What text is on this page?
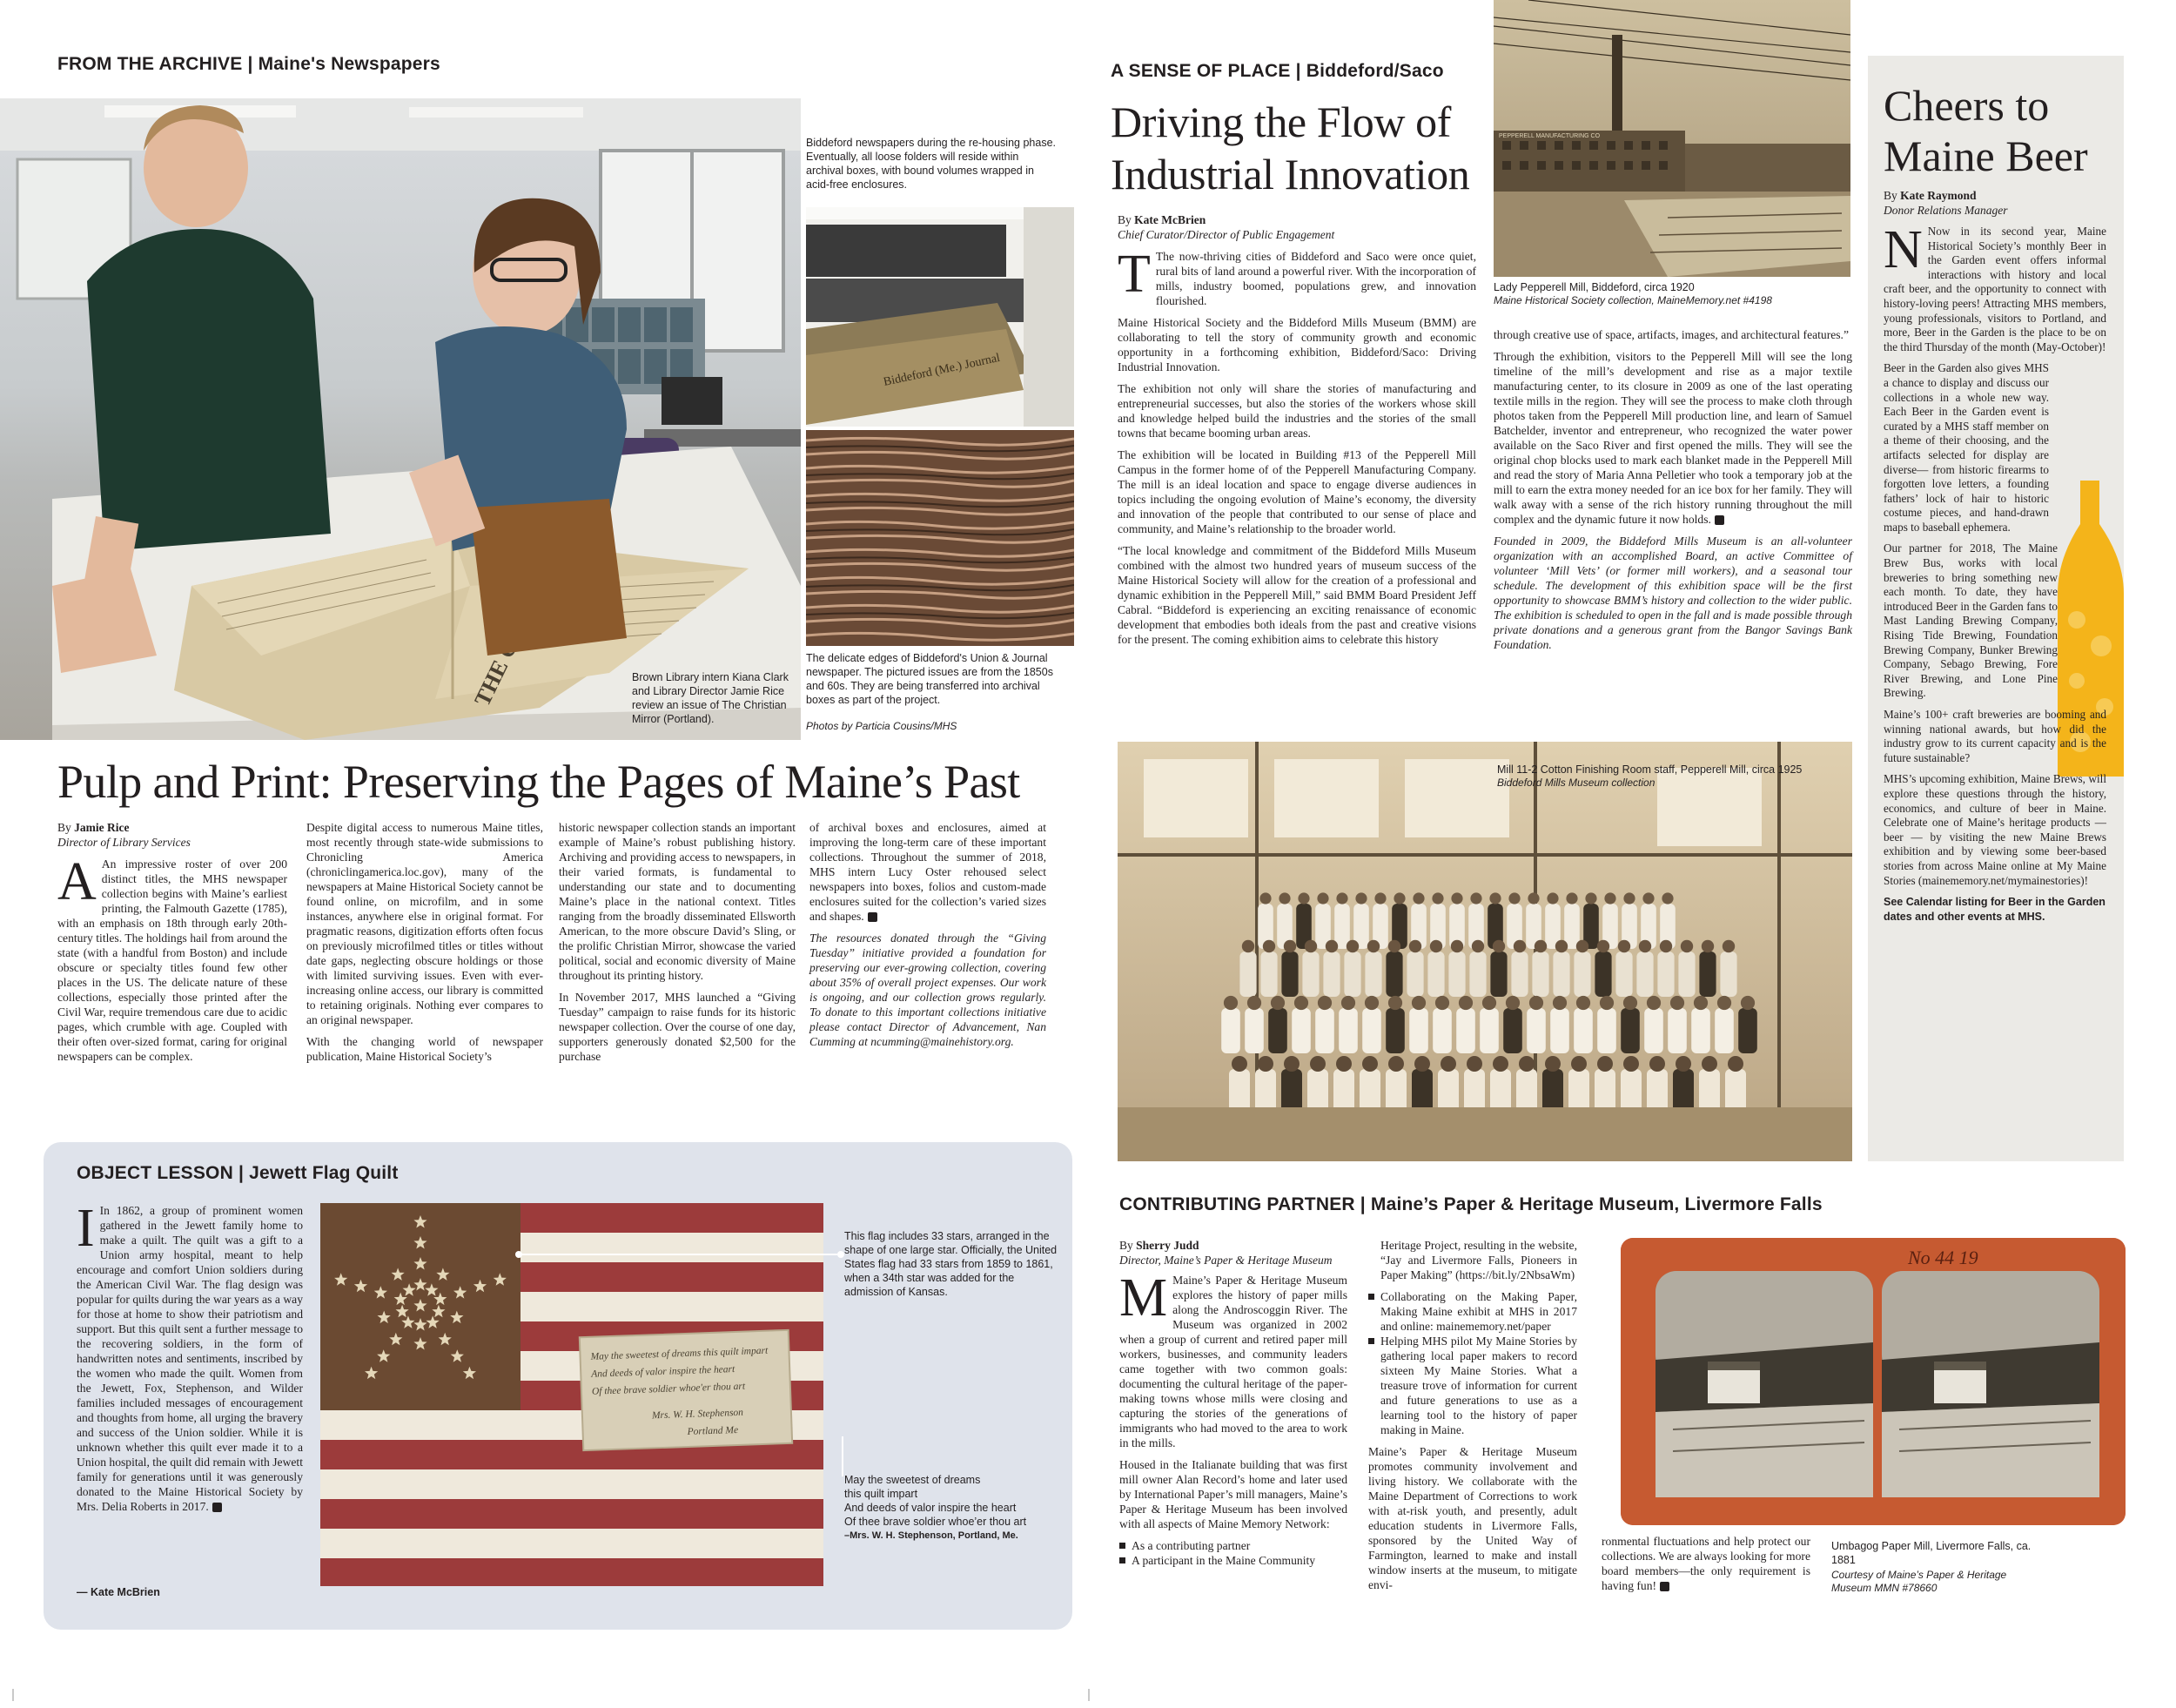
FROM THE ARCHIVE | Maine's Newspapers
Brown Library intern Kiana Clark and Library Director Jamie Rice review an issue of The Christian Mirror (Portland).
Biddeford newspapers during the re-housing phase. Eventually, all loose folders will reside within archival boxes, with bound volumes wrapped in acid-free enclosures.
Biddeford (Me.) Journal
The delicate edges of Biddeford's Union & Journal newspaper. The pictured issues are from the 1850s and 60s. They are being transferred into archival boxes as part of the project.
Photos by Particia Cousins/MHS
Pulp and Print: Preserving the Pages of Maine’s Past
By Jamie Rice
Director of Library Services

A An impressive roster of over 200 distinct titles, the MHS newspaper collection begins with Maine’s earliest printing, the Falmouth Gazette (1785), with an emphasis on 18th through early 20th-century titles. The holdings hail from around the state (with a handful from Boston) and include obscure or specialty titles found few other places in the US. The delicate nature of these collections, especially those printed after the Civil War, require tremendous care due to acidic pages, which crumble with age. Coupled with their often over-sized format, caring for original newspapers can be complex.

Despite digital access to numerous Maine titles, most recently through state-wide submissions to Chronicling America (chroniclingamerica.loc.gov), many of the newspapers at Maine Historical Society cannot be found online, on microfilm, and in some instances, anywhere else in original format. For pragmatic reasons, digitization efforts often focus on previously microfilmed titles or titles without date gaps, neglecting obscure holdings or those with limited surviving issues. Even with ever-increasing online access, our library is committed to retaining originals. Nothing ever compares to an original newspaper.

With the changing world of newspaper publication, Maine Historical Society’s

historic newspaper collection stands an important example of Maine’s robust publishing history. Archiving and providing access to newspapers, in their varied formats, is fundamental to understanding our state and to documenting Maine’s place in the national context. Titles ranging from the broadly disseminated Ellsworth American, to the more obscure David’s Sling, or the prolific Christian Mirror, showcase the varied political, social and economic diversity of Maine throughout its printing history.

In November 2017, MHS launched a “Giving Tuesday” campaign to raise funds for its historic newspaper collection. Over the course of one day, supporters generously donated $2,500 for the purchase

of archival boxes and enclosures, aimed at improving the long-term care of these important collections. Throughout the summer of 2018, MHS intern Lucy Oster rehoused select newspapers into boxes, folios and custom-made enclosures suited for the collection’s varied sizes and shapes.

The resources donated through the “Giving Tuesday” initiative provided a foundation for preserving our ever-growing collection, covering about 35% of overall project expenses. Our work is ongoing, and our collection grows regularly. To donate to this important collections initiative please contact Director of Advancement, Nan Cumming at ncumming@mainehistory.org.

OBJECT LESSON | Jewett Flag Quilt

I In 1862, a group of prominent women gathered in the Jewett family home to make a quilt. The quilt was a gift to a Union army hospital, meant to help encourage and comfort Union soldiers during the American Civil War. The flag design was popular for quilts during the war years as a way for those at home to show their patriotism and support. But this quilt sent a further message to the recovering soldiers, in the form of handwritten notes and sentiments, inscribed by the women who made the quilt. Women from the Jewett, Fox, Stephenson, and Wilder families included messages of encouragement and thoughts from home, all urging the bravery and success of the Union soldier. While it is unknown whether this quilt ever made it to a Union hospital, the quilt did remain with Jewett family for generations until it was generously donated to the Maine Historical Society by Mrs. Delia Roberts in 2017.

— Kate McBrien
May the sweetest of dreams this quilt impart
And deeds of valor inspire the heart
Of thee brave soldier whoe'er thou art
Mrs. W. H. Stephenson
Portland Me
This flag includes 33 stars, arranged in the shape of one large star. Officially, the United States flag had 33 stars from 1859 to 1861, when a 34th star was added for the admission of Kansas.
May the sweetest of dreams
this quilt impart
And deeds of valor inspire the heart
Of thee brave soldier whoe’er thou art
–Mrs. W. H. Stephenson, Portland, Me.
A SENSE OF PLACE | Biddeford/Saco
Driving the Flow of Industrial Innovation
PEPPERELL MANUFACTURING CO
Lady Pepperell Mill, Biddeford, circa 1920
Maine Historical Society collection, MaineMemory.net #4198
By Kate McBrien
Chief Curator/Director of Public Engagement

T The now-thriving cities of Biddeford and Saco were once quiet, rural bits of land around a powerful river. With the incorporation of mills, industry boomed, populations grew, and innovation flourished.

Maine Historical Society and the Biddeford Mills Museum (BMM) are collaborating to tell the story of community growth and economic opportunity in a forthcoming exhibition, Biddeford/Saco: Driving Industrial Innovation.

The exhibition not only will share the stories of manufacturing and entrepreneurial successes, but also the stories of the workers whose skill and knowledge helped build the industries and the stories of the small towns that became booming urban areas.

The exhibition will be located in Building #13 of the Pepperell Mill Campus in the former home of of the Pepperell Manufacturing Company. The mill is an ideal location and space to engage diverse audiences in topics including the ongoing evolution of Maine’s economy, the diversity and innovation of the people that contributed to our sense of place and community, and Maine’s relationship to the broader world.

“The local knowledge and commitment of the Biddeford Mills Museum combined with the almost two hundred years of museum success of the Maine Historical Society will allow for the creation of a professional and dynamic exhibition in the Pepperell Mill,” said BMM Board President Jeff Cabral. “Biddeford is experiencing an exciting renaissance of economic development that embodies both ideals from the past and creative visions for the present. The coming exhibition aims to celebrate this history

through creative use of space, artifacts, images, and architectural features.”

Through the exhibition, visitors to the Pepperell Mill will see the long timeline of the mill’s development and rise as a major textile manufacturing center, to its closure in 2009 as one of the last operating textile mills in the region. They will see the process to make cloth through photos taken from the Pepperell Mill production line, and learn of Samuel Batchelder, inventor and entrepreneur, who recognized the water power available on the Saco River and first opened the mills. They will see the original chop blocks used to mark each blanket made in the Pepperell Mill and read the story of Maria Anna Pelletier who took a temporary job at the mill to earn the extra money needed for an ice box for her family. They will walk away with a sense of the rich history running throughout the mill complex and the dynamic future it now holds.

Founded in 2009, the Biddeford Mills Museum is an all-volunteer organization with an accomplished Board, an active Committee of volunteer ‘Mill Vets’ (or former mill workers), and a seasonal tour schedule. The development of this exhibition space will be the first opportunity to showcase BMM’s history and collection to the wider public. The exhibition is scheduled to open in the fall and is made possible through private donations and a generous grant from the Bangor Savings Bank Foundation.

Mill 11-2 Cotton Finishing Room staff, Pepperell Mill, circa 1925
Biddeford Mills Museum collection
Cheers to Maine Beer
By Kate Raymond
Donor Relations Manager

N Now in its second year, Maine Historical Society’s monthly Beer in the Garden event offers informal interactions with history and local craft beer, and the opportunity to connect with history-loving peers! Attracting MHS members, young professionals, visitors to Portland, and more, Beer in the Garden is the place to be on the third Thursday of the month (May-October)!

Beer in the Garden also gives MHS a chance to display and discuss our collections in a whole new way. Each Beer in the Garden event is curated by a MHS staff member on a theme of their choosing, and the artifacts selected for display are diverse— from historic firearms to forgotten love letters, a founding fathers’ lock of hair to historic costume pieces, and hand-drawn maps to baseball ephemera.

Our partner for 2018, The Maine Brew Bus, works with local breweries to bring something new each month. To date, they have introduced Beer in the Garden fans to Mast Landing Brewing Company, Rising Tide Brewing, Foundation Brewing Company, Bunker Brewing Company, Sebago Brewing, Fore River Brewing, and Lone Pine Brewing.

Maine’s 100+ craft breweries are booming and winning national awards, but how did the industry grow to its current capacity and is the future sustainable?

MHS’s upcoming exhibition, Maine Brews, will explore these questions through the history, economics, and culture of beer in Maine. Celebrate one of Maine’s heritage products — beer — by visiting the new Maine Brews exhibition and by viewing some beer-based stories from across Maine online at My Maine Stories (mainememory.net/mymainestories)!

See Calendar listing for Beer in the Garden dates and other events at MHS.

CONTRIBUTING PARTNER | Maine’s Paper & Heritage Museum, Livermore Falls
By Sherry Judd
Director, Maine’s Paper & Heritage Museum

M Maine’s Paper & Heritage Museum explores the history of paper mills along the Androscoggin River. The Museum was organized in 2002 when a group of current and retired paper mill workers, businesses, and community leaders came together with two common goals: documenting the cultural heritage of the paper-making towns whose mills were closing and capturing the stories of the generations of immigrants who had moved to the area to work in the mills.

Housed in the Italianate building that was first mill owner Alan Record’s home and later used by International Paper’s mill managers, Maine’s Paper & Heritage Museum has been involved with all aspects of Maine Memory Network:

As a contributing partner
A participant in the Maine Community

Heritage Project, resulting in the website, “Jay and Livermore Falls, Pioneers in Paper Making” (https://bit.ly/2NbsaWm)

Collaborating on the Making Paper, Making Maine exhibit at MHS in 2017 and online: mainememory.net/paper
Helping MHS pilot My Maine Stories by gathering local paper makers to record sixteen My Maine Stories. What a treasure trove of information for current and future generations to use as a learning tool to the history of paper making in Maine.

Maine’s Paper & Heritage Museum promotes community involvement and living history. We collaborate with the Maine Department of Corrections to work with at-risk youth, and presently, adult education students in Livermore Falls, sponsored by the United Way of Farmington, learned to make and install window inserts at the museum, to mitigate envi-

ronmental fluctuations and help protect our collections. We are always looking for more board members—the only requirement is having fun!

No 44 19
Umbagog Paper Mill, Livermore Falls, ca. 1881
Courtesy of Maine’s Paper & Heritage Museum MMN #78660
